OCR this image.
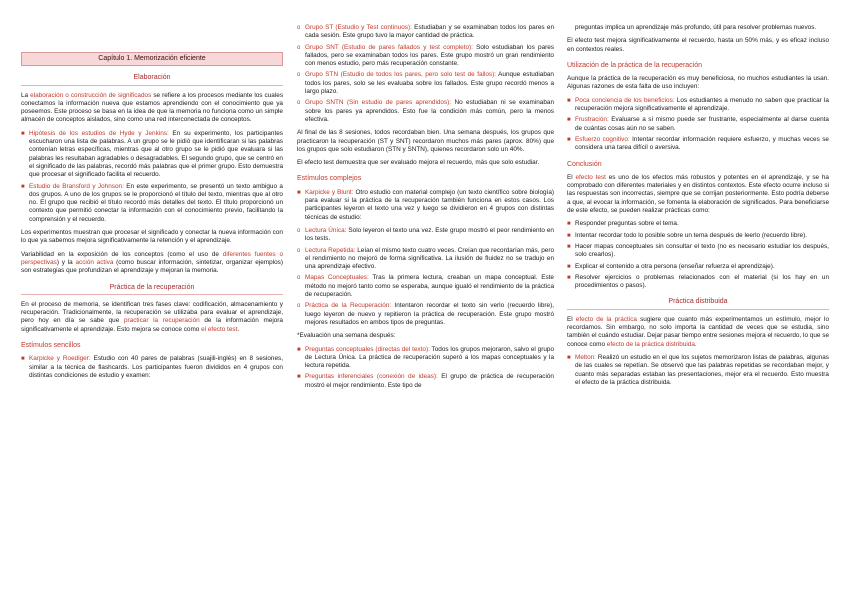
Capítulo 1. Memorización eficiente
Elaboración

La elaboración o construcción de significados se refiere a los procesos mediante los cuales conectamos la información nueva que estamos aprendiendo con el conocimiento que ya poseemos. Este proceso se basa en la idea de que la memoria no funciona como un simple almacén de conceptos aislados, sino como una red interconectada de conceptos.

■ Hipótesis de los estudios de Hyde y Jenkins: En su experimento, los participantes escucharon una lista de palabras. A un grupo se le pidió que identificaran si las palabras contenían letras específicas, mientras que al otro grupo se le pidió que evaluara si las palabras les resultaban agradables o desagradables. El segundo grupo, que se centró en el significado de las palabras, recordó más palabras que el primer grupo. Esto demuestra que procesar el significado facilita el recuerdo.
■ Estudio de Bransford y Johnson: En este experimento, se presentó un texto ambiguo a dos grupos. A uno de los grupos se le proporcionó el título del texto, mientras que al otro no. El grupo que recibió el título recordó más detalles del texto. El título proporcionó un contexto que permitió conectar la información con el conocimiento previo, facilitando la comprensión y el recuerdo.

Los experimentos muestran que procesar el significado y conectar la nueva información con lo que ya sabemos mejora significativamente la retención y el aprendizaje.

Variabilidad en la exposición de los conceptos (como el uso de diferentes fuentes o perspectivas) y la acción activa (como buscar información, sintetizar, organizar ejemplos) son estrategias que profundizan el aprendizaje y mejoran la memoria.

Práctica de la recuperación

En el proceso de memoria, se identifican tres fases clave: codificación, almacenamiento y recuperación. Tradicionalmente, la recuperación se utilizaba para evaluar el aprendizaje, pero hoy en día se sabe que practicar la recuperación de la información mejora significativamente el aprendizaje. Esto mejora se conoce como el efecto test.

Estímulos sencillos
■ Karpicke y Roediger: Estudio con 40 pares de palabras (suajili-inglés) en 8 sesiones, similar a la técnica de flashcards. Los participantes fueron divididos en 4 grupos con distintas condiciones de estudio y examen:
o Grupo ST (Estudio y Test continuos): Estudiaban y se examinaban todos los pares en cada sesión. Este grupo tuvo la mayor cantidad de práctica.
o Grupo SNT (Estudio de pares fallados y test completo): Solo estudiaban los pares fallados, pero se examinaban todos los pares. Este grupo mostró un gran rendimiento con menos estudio, pero más recuperación constante.
o Grupo STN (Estudio de todos los pares, pero solo test de fallos): Aunque estudiaban todos los pares, solo se les evaluaba sobre los fallados. Este grupo recordó menos a largo plazo.
o Grupo SNTN (Sin estudio de pares aprendidos): No estudiaban ni se examinaban sobre los pares ya aprendidos. Esto fue la condición más común, pero la menos efectiva.

Al final de las 8 sesiones, todos recordaban bien. Una semana después, los grupos que practicaron la recuperación (ST y SNT) recordaron muchos más pares (aprox. 80%) que los grupos que solo estudiaron (STN y SNTN), quienes recordaron solo un 40%.

El efecto test demuestra que ser evaluado mejora el recuerdo, más que solo estudiar.

Estímulos complejos
■ Karpicke y Blunt: Otro estudio con material complejo (un texto científico sobre biología) para evaluar si la práctica de la recuperación también funciona en estos casos. Los participantes leyeron el texto una vez y luego se dividieron en 4 grupos con distintas técnicas de estudio:
o Lectura Única: Solo leyeron el texto una vez. Este grupo mostró el peor rendimiento en los tests.
o Lectura Repetida: Leían el mismo texto cuatro veces. Creían que recordarían más, pero el rendimiento no mejoró de forma significativa. La ilusión de fluidez no se tradujo en una aprendizaje efectivo.
o Mapas Conceptuales: Tras la primera lectura, creaban un mapa conceptual. Este método no mejoró tanto como se esperaba, aunque igualó el rendimiento de la práctica de recuperación.
o Práctica de la Recuperación: Intentaron recordar el texto sin verlo (recuerdo libre), luego leyeron de nuevo y repitieron la práctica de recuperación. Este grupo mostró mejores resultados en ambos tipos de preguntas.

*Evaluación una semana después:

■ Preguntas conceptuales (directas del texto): Todos los grupos mejoraron, salvo el grupo de Lectura Única. La práctica de recuperación superó a los mapas conceptuales y la lectura repetida.
■ Preguntas inferenciales (conexión de ideas): El grupo de práctica de recuperación mostró el mejor rendimiento. Este tipo de

preguntas implica un aprendizaje más profundo, útil para resolver problemas nuevos.

El efecto test mejora significativamente el recuerdo, hasta un 50% más, y es eficaz incluso en contextos reales.

Utilización de la práctica de la recuperación

Aunque la práctica de la recuperación es muy beneficiosa, no muchos estudiantes la usan. Algunas razones de esta falta de uso incluyen:

■ Poca conciencia de los beneficios: Los estudiantes a menudo no saben que practicar la recuperación mejora significativamente el aprendizaje.
■ Frustración: Evaluarse a sí mismo puede ser frustrante, especialmente al darse cuenta de cuántas cosas aún no se saben.
■ Esfuerzo cognitivo: Intentar recordar información requiere esfuerzo, y muchas veces se considera una tarea difícil o aversiva.
Conclusión

El efecto test es uno de los efectos más robustos y potentes en el aprendizaje, y se ha comprobado con diferentes materiales y en distintos contextos. Este efecto ocurre incluso si las respuestas son incorrectas, siempre que se corrijan posteriormente. Esto podría deberse a que, al evocar la información, se fomenta la elaboración de significados. Para beneficiarse de este efecto, se pueden realizar prácticas como:

■ Responder preguntas sobre el tema.
■ Intentar recordar todo lo posible sobre un tema después de leerlo (recuerdo libre).
■ Hacer mapas conceptuales sin consultar el texto (no es necesario estudiar los después, solo crearlos).
■ Explicar el contenido a otra persona (enseñar refuerza el aprendizaje).
■ Resolver ejercicios o problemas relacionados con el material (si los hay en un procedimientos o pasos).
Práctica distribuida

El efecto de la práctica sugiere que cuanto más experimentamos un estímulo, mejor lo recordamos. Sin embargo, no solo importa la cantidad de veces que se estudia, sino también el cuándo estudiar. Dejar pasar tiempo entre sesiones mejora el recuerdo, lo que se conoce como efecto de la práctica distribuida.

■ Melton: Realizó un estudio en el que los sujetos memorizaron listas de palabras, algunas de las cuales se repetían. Se observó que las palabras repetidas se recordaban mejor, y cuanto más separadas estaban las presentaciones, mejor era el recuerdo. Esto muestra el efecto de la práctica distribuida.
